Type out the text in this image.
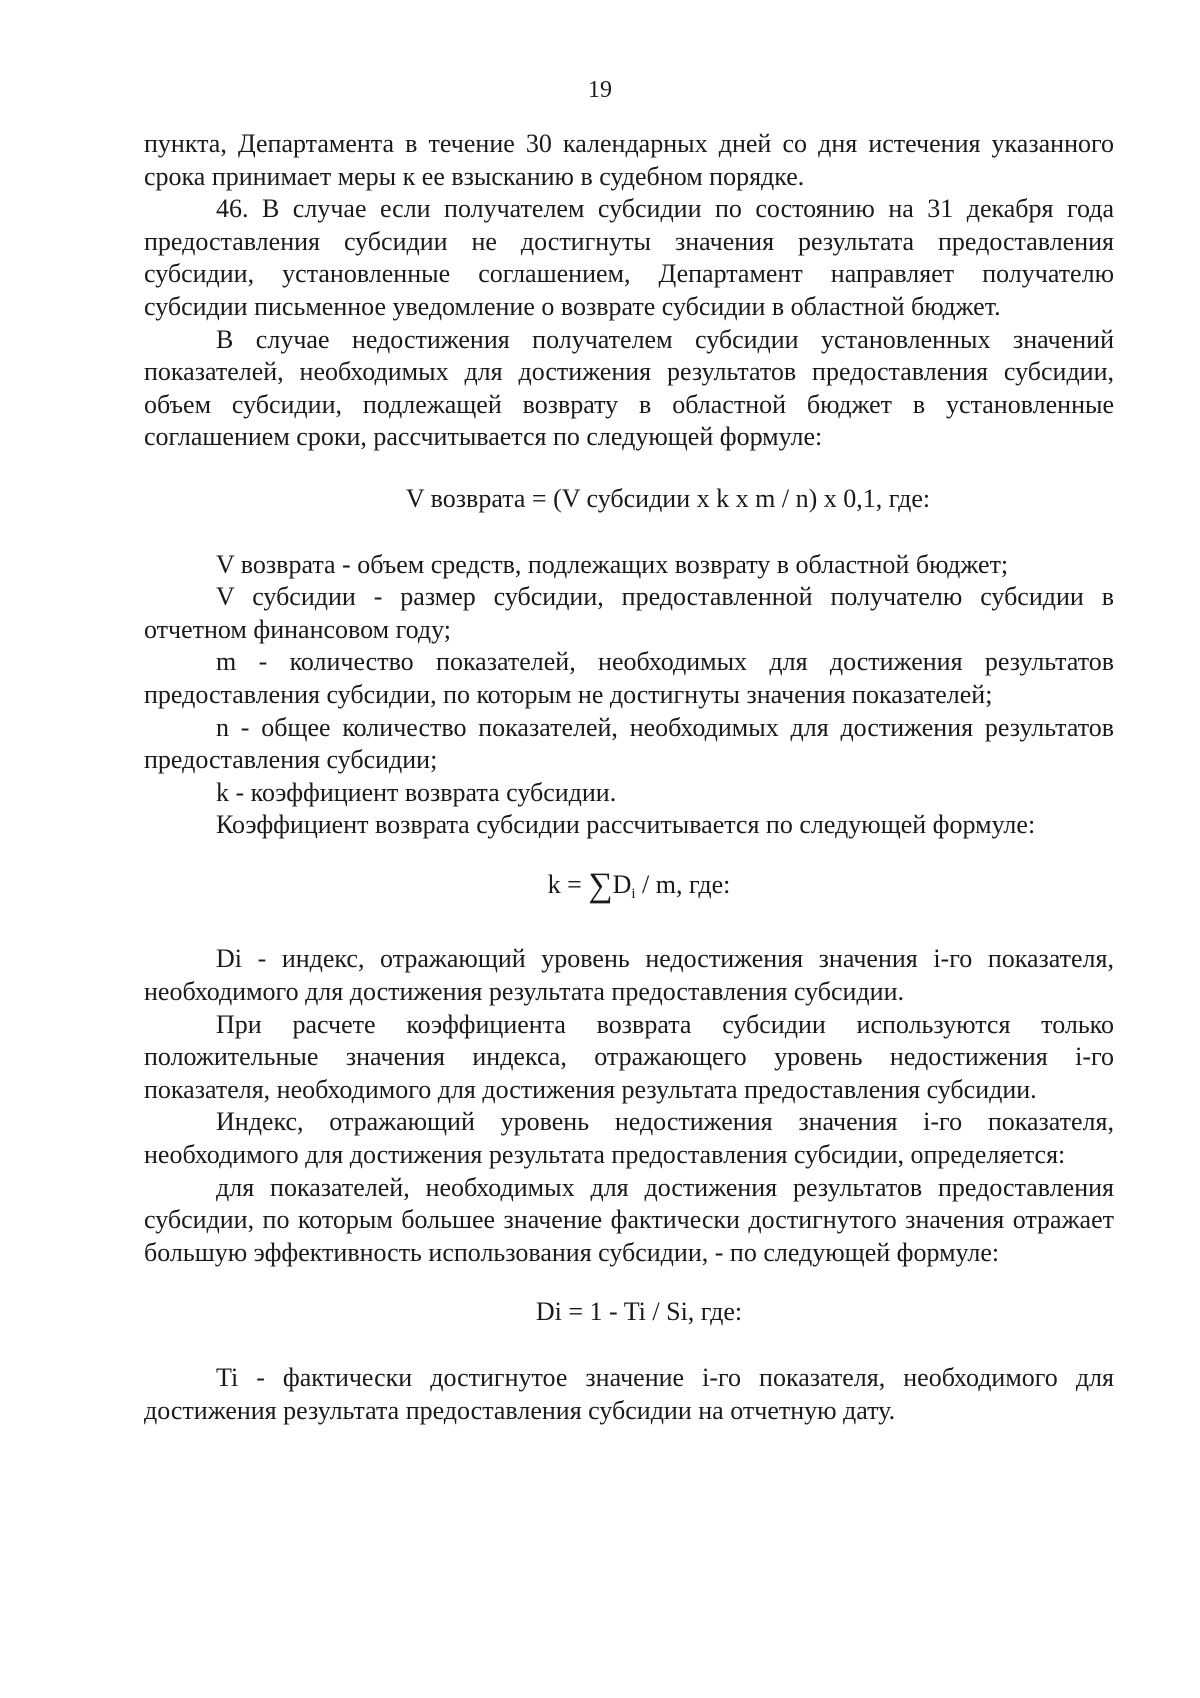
19

пункта, Департамента в течение 30 календарных дней со дня истечения указанного срока принимает меры к ее взысканию в судебном порядке.

46. В случае если получателем субсидии по состоянию на 31 декабря года предоставления субсидии не достигнуты значения результата предоставления субсидии, установленные соглашением, Департамент направляет получателю субсидии письменное уведомление о возврате субсидии в областной бюджет.

В случае недостижения получателем субсидии установленных значений показателей, необходимых для достижения результатов предоставления субсидии, объем субсидии, подлежащей возврату в областной бюджет в установленные соглашением сроки, рассчитывается по следующей формуле:

V возврата = (V субсидии x k x m / n) x 0,1, где:

V возврата - объем средств, подлежащих возврату в областной бюджет;

V субсидии - размер субсидии, предоставленной получателю субсидии в отчетном финансовом году;

m - количество показателей, необходимых для достижения результатов предоставления субсидии, по которым не достигнуты значения показателей;

n - общее количество показателей, необходимых для достижения результатов предоставления субсидии;

k - коэффициент возврата субсидии.

Коэффициент возврата субсидии рассчитывается по следующей формуле:

$k = \sum D_i / m$, где:

Di - индекс, отражающий уровень недостижения значения i-го показателя, необходимого для достижения результата предоставления субсидии.

При расчете коэффициента возврата субсидии используются только положительные значения индекса, отражающего уровень недостижения i-го показателя, необходимого для достижения результата предоставления субсидии.

Индекс, отражающий уровень недостижения значения i-го показателя, необходимого для достижения результата предоставления субсидии, определяется:

для показателей, необходимых для достижения результатов предоставления субсидии, по которым большее значение фактически достигнутого значения отражает большую эффективность использования субсидии, - по следующей формуле:

Di = 1 - Ti / Si, где:

Ti - фактически достигнутое значение i-го показателя, необходимого для достижения результата предоставления субсидии на отчетную дату.
